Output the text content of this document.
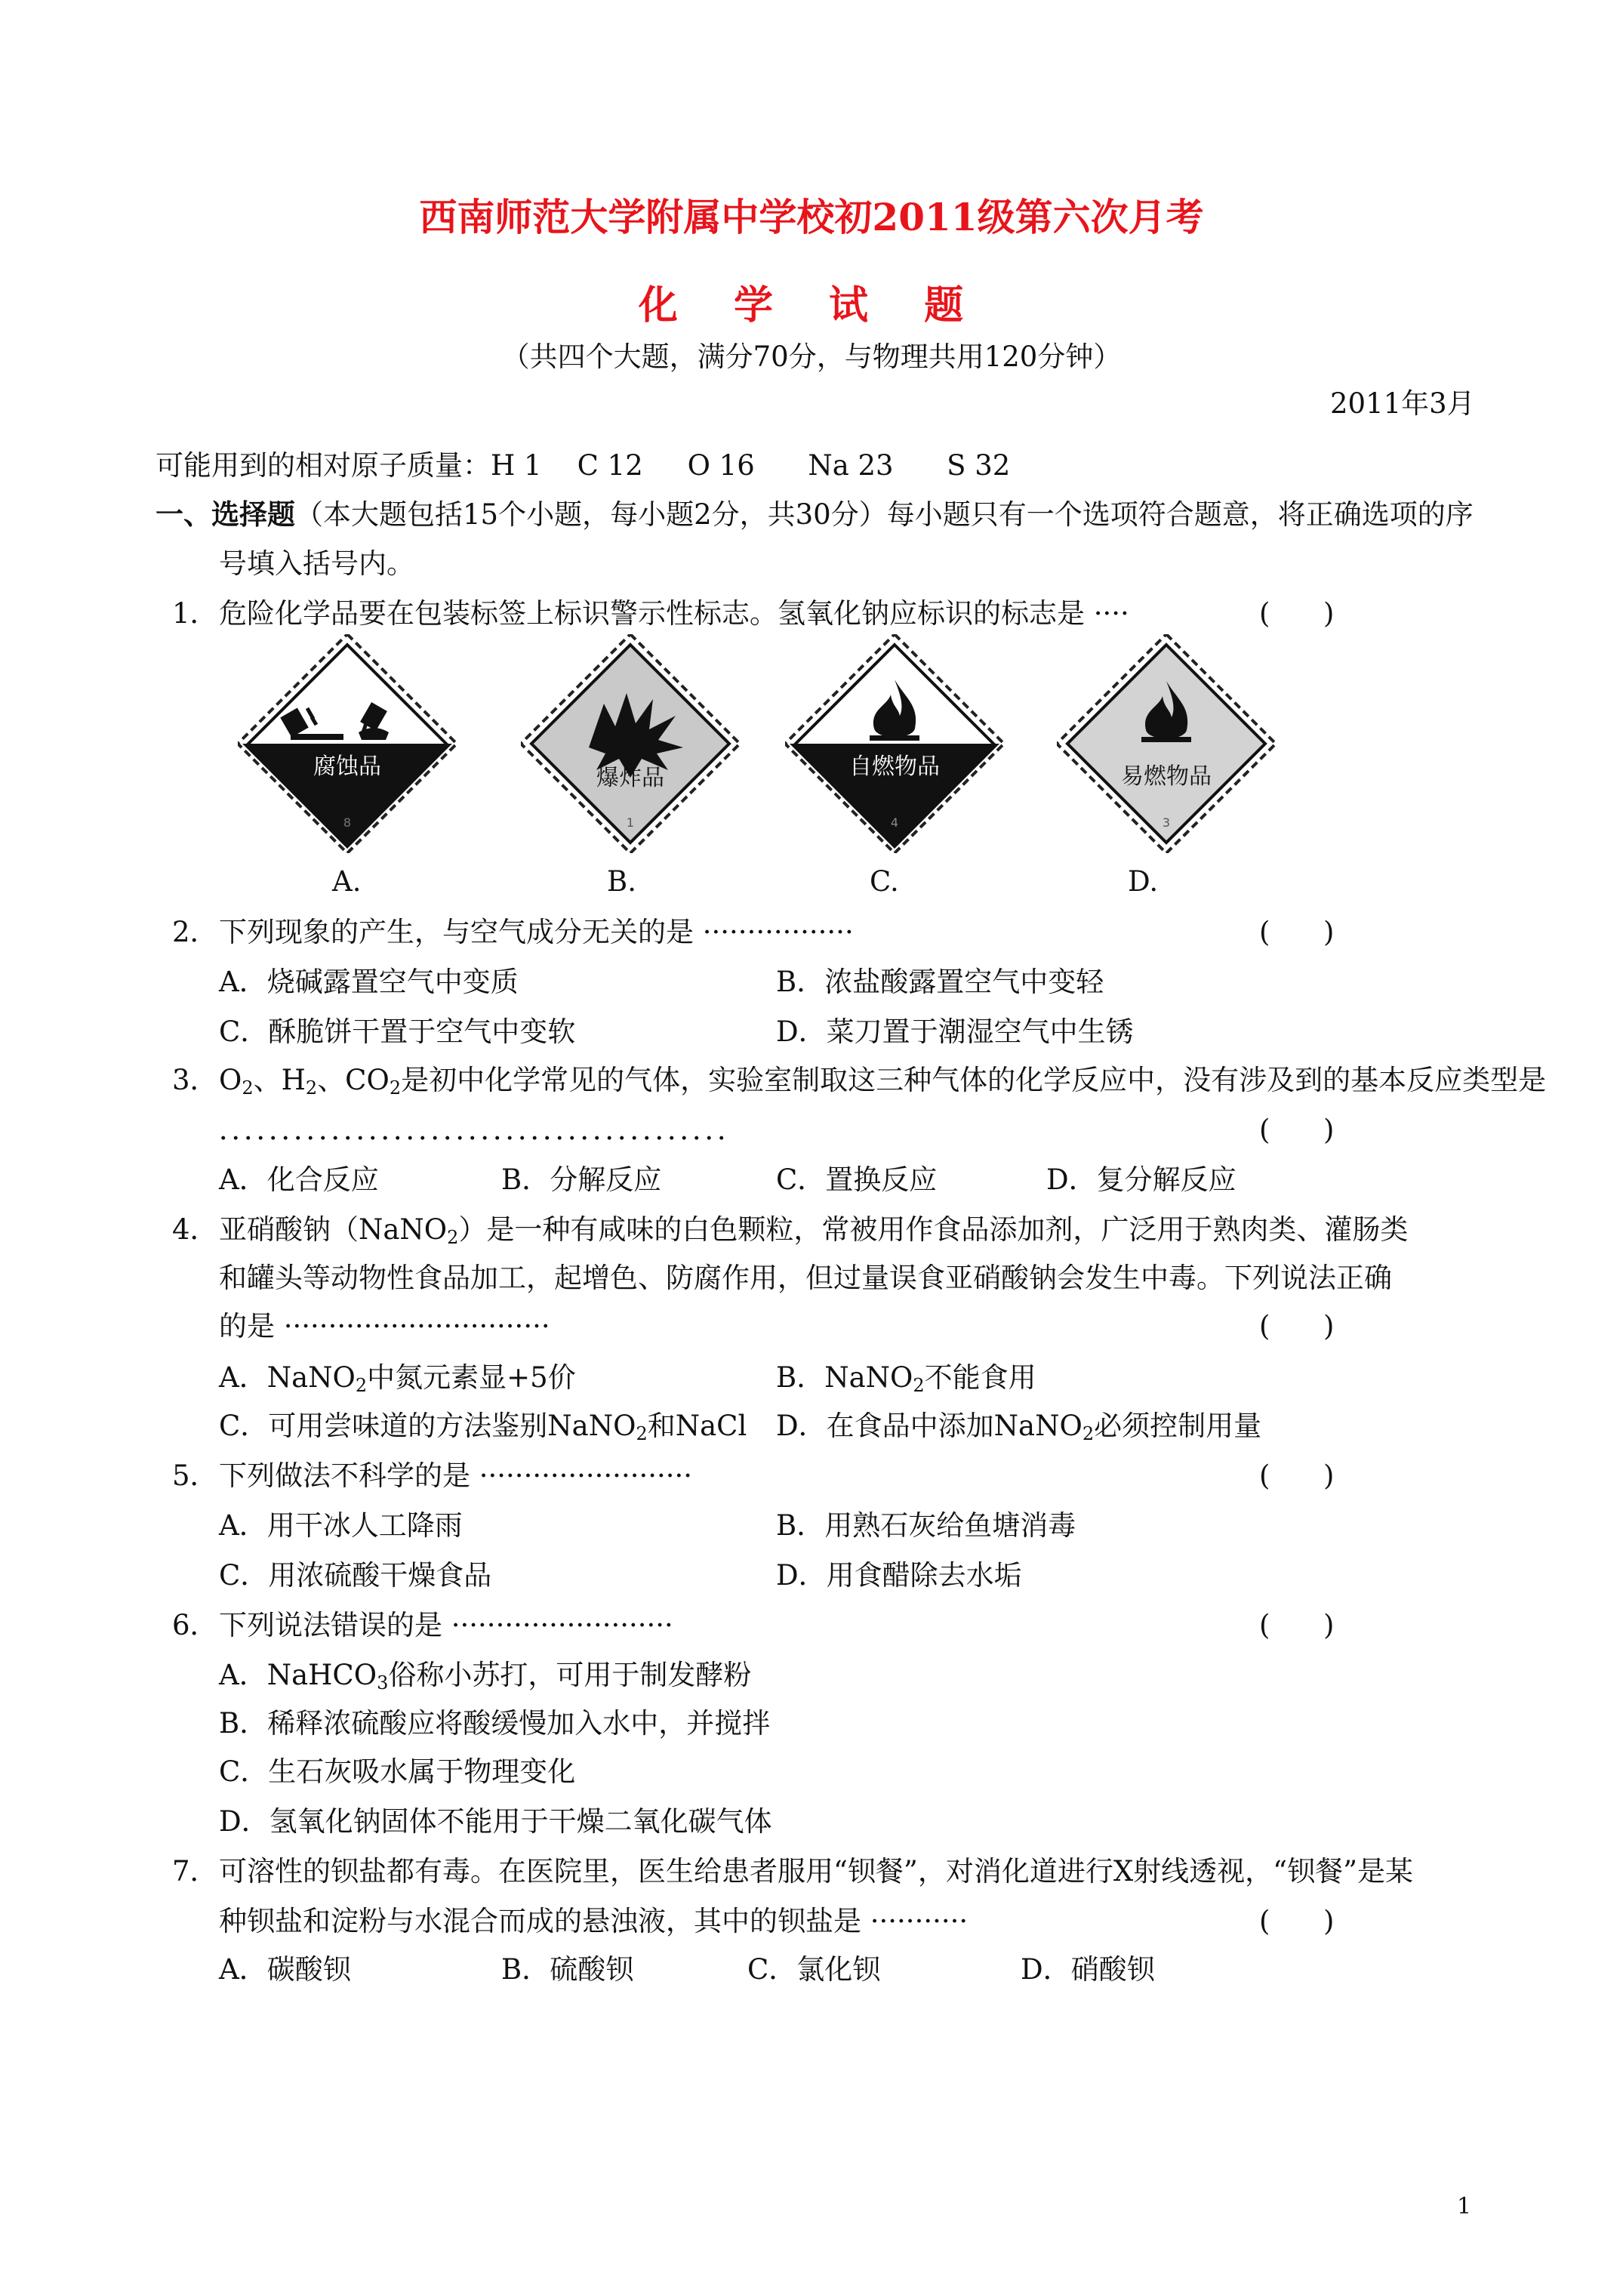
西南师范大学附属中学校初2011级第六次月考
化 学 试 题
（共四个大题，满分70分，与物理共用120分钟）
2011年3月
可能用到的相对原子质量：H 1    C 12     O 16      Na 23      S 32
一、选择题（本大题包括15个小题，每小题2分，共30分）每小题只有一个选项符合题意，将正确选项的序
号填入括号内。
1． 危险化学品要在包装标签上标识警示性标志。氢氧化钠应标识的标志是 ····	(      )
腐蚀品
8
爆炸品
1
自燃物品
4
易燃物品
3
A.	B.	C.	D.
2． 下列现象的产生，与空气成分无关的是 ·················	(      )
A．烧碱露置空气中变质	B．浓盐酸露置空气中变轻
C．酥脆饼干置于空气中变软	D．菜刀置于潮湿空气中生锈
3． $O_2$、$H_2$、$CO_2$是初中化学常见的气体，实验室制取这三种气体的化学反应中，没有涉及到的基本反应类型是
．．．．．．．．．．．．．．．．．．．．．．．．．．．．．．．．．．．．．．．．．	(      )
A．化合反应	B．分解反应	C．置换反应	D．复分解反应
4． 亚硝酸钠（NaNO$_2$）是一种有咸味的白色颗粒，常被用作食品添加剂，广泛用于熟肉类、灌肠类
和罐头等动物性食品加工，起增色、防腐作用，但过量误食亚硝酸钠会发生中毒。下列说法正确
的是 ······························	(      )
A．NaNO$_2$中氮元素显+5价	B．NaNO$_2$不能食用
C．可用尝味道的方法鉴别NaNO$_2$和NaCl D．在食品中添加NaNO$_2$必须控制用量
5． 下列做法不科学的是 ························	(      )
A．用干冰人工降雨	B．用熟石灰给鱼塘消毒
C．用浓硫酸干燥食品	D．用食醋除去水垢
6． 下列说法错误的是 ·························	(      )
A．NaHCO$_3$俗称小苏打，可用于制发酵粉
B．稀释浓硫酸应将酸缓慢加入水中，并搅拌
C．生石灰吸水属于物理变化
D．氢氧化钠固体不能用于干燥二氧化碳气体
7． 可溶性的钡盐都有毒。在医院里，医生给患者服用“钡餐”，对消化道进行X射线透视，“钡餐”是某
种钡盐和淀粉与水混合而成的悬浊液，其中的钡盐是 ···········	(      )
A．碳酸钡	B．硫酸钡	C．氯化钡	D．硝酸钡
1
